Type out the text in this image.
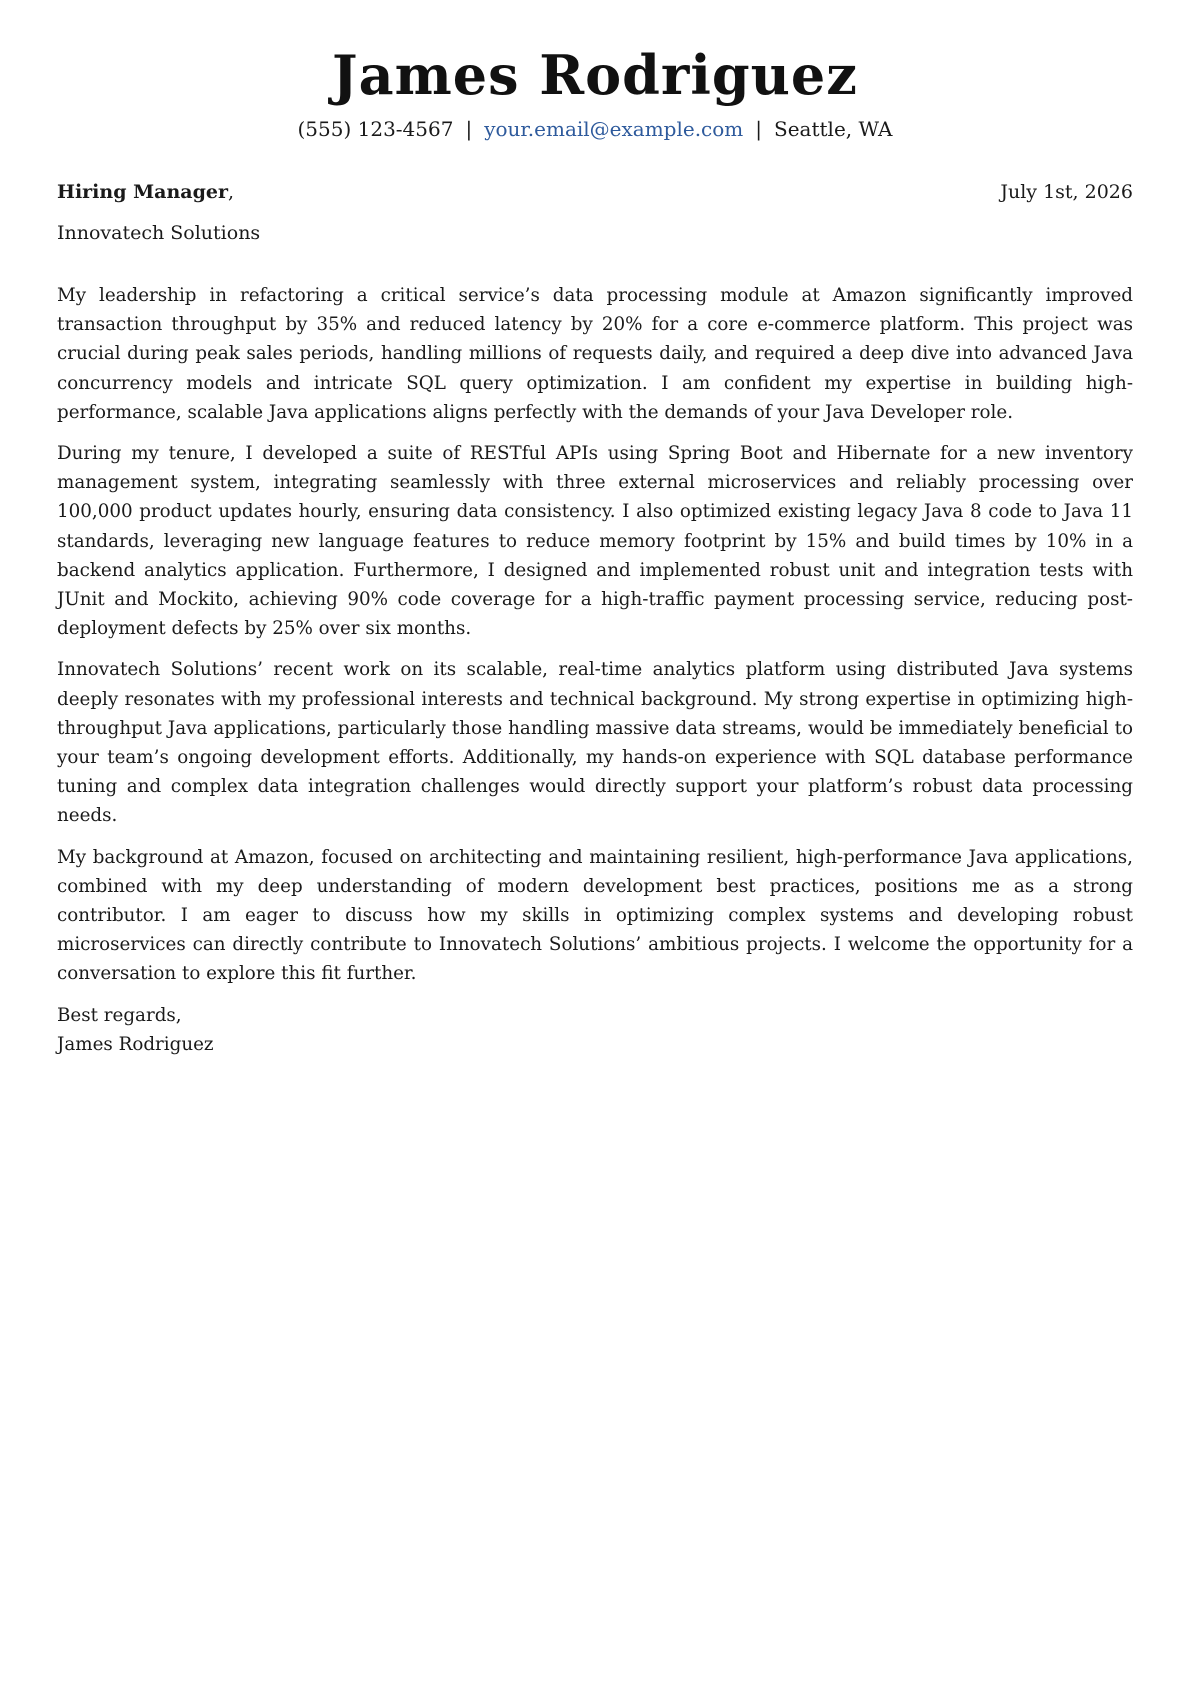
James Rodriguez
(555) 123-4567 | your.email@example.com | Seattle, WA
Hiring Manager,	July 1st, 2026
Innovatech Solutions

My leadership in refactoring a critical service’s data processing module at Amazon significantly improved transaction throughput by 35% and reduced latency by 20% for a core e-commerce platform. This project was crucial during peak sales periods, handling millions of requests daily, and required a deep dive into advanced Java concurrency models and intricate SQL query optimization. I am confident my expertise in building high-performance, scalable Java applications aligns perfectly with the demands of your Java Developer role.

During my tenure, I developed a suite of RESTful APIs using Spring Boot and Hibernate for a new inventory management system, integrating seamlessly with three external microservices and reliably processing over 100,000 product updates hourly, ensuring data consistency. I also optimized existing legacy Java 8 code to Java 11 standards, leveraging new language features to reduce memory footprint by 15% and build times by 10% in a backend analytics application. Furthermore, I designed and implemented robust unit and integration tests with JUnit and Mockito, achieving 90% code coverage for a high-traffic payment processing service, reducing post-deployment defects by 25% over six months.

Innovatech Solutions’ recent work on its scalable, real-time analytics platform using distributed Java systems deeply resonates with my professional interests and technical background. My strong expertise in optimizing high-throughput Java applications, particularly those handling massive data streams, would be immediately beneficial to your team’s ongoing development efforts. Additionally, my hands-on experience with SQL database performance tuning and complex data integration challenges would directly support your platform’s robust data processing needs.

My background at Amazon, focused on architecting and maintaining resilient, high-performance Java applications, combined with my deep understanding of modern development best practices, positions me as a strong contributor. I am eager to discuss how my skills in optimizing complex systems and developing robust microservices can directly contribute to Innovatech Solutions’ ambitious projects. I welcome the opportunity for a conversation to explore this fit further.

Best regards,
James Rodriguez
